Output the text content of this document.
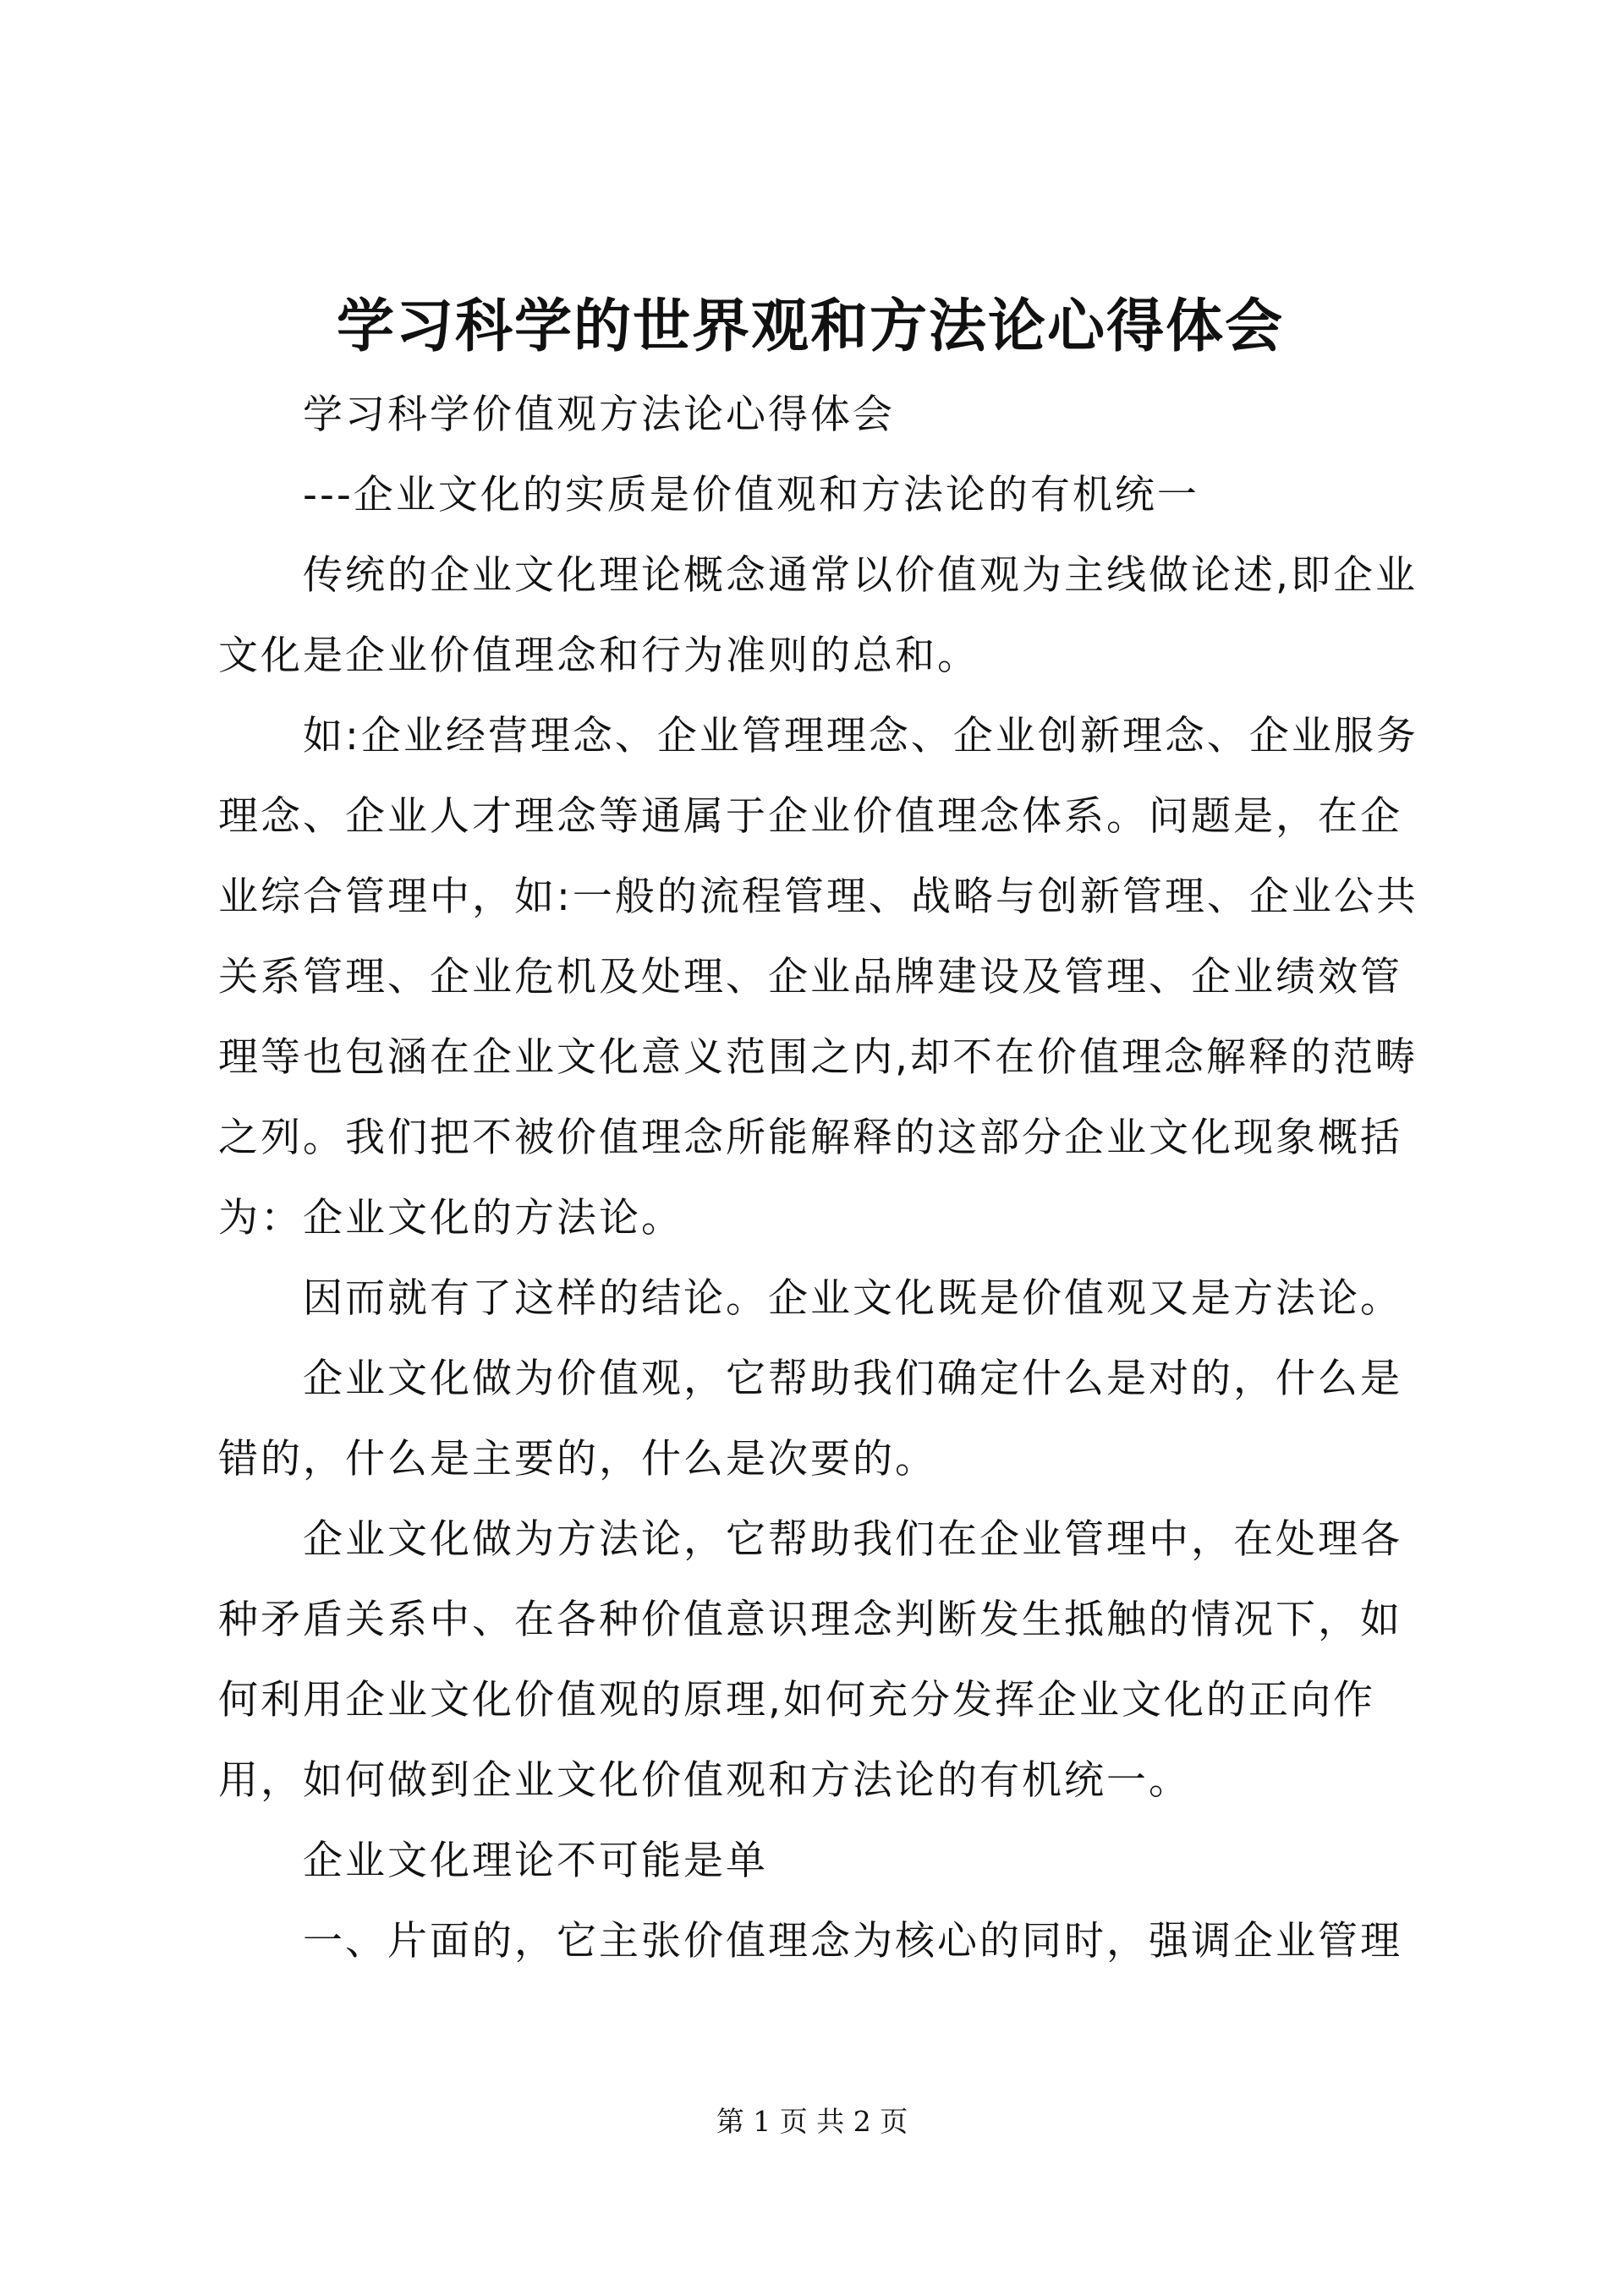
学习科学的世界观和方法论心得体会

学习科学价值观方法论心得体会

---企业文化的实质是价值观和方法论的有机统一

传统的企业文化理论概念通常以价值观为主线做论述,即企业文化是企业价值理念和行为准则的总和。

如:企业经营理念、企业管理理念、企业创新理念、企业服务理念、企业人才理念等通属于企业价值理念体系。问题是，在企业综合管理中，如:一般的流程管理、战略与创新管理、企业公共关系管理、企业危机及处理、企业品牌建设及管理、企业绩效管理等也包涵在企业文化意义范围之内,却不在价值理念解释的范畴之列。我们把不被价值理念所能解释的这部分企业文化现象概括为：企业文化的方法论。

因而就有了这样的结论。企业文化既是价值观又是方法论。

企业文化做为价值观，它帮助我们确定什么是对的，什么是错的，什么是主要的，什么是次要的。

企业文化做为方法论，它帮助我们在企业管理中，在处理各种矛盾关系中、在各种价值意识理念判断发生抵触的情况下，如何利用企业文化价值观的原理,如何充分发挥企业文化的正向作用，如何做到企业文化价值观和方法论的有机统一。

企业文化理论不可能是单

一、片面的，它主张价值理念为核心的同时，强调企业管理

第 1 页 共 2 页
